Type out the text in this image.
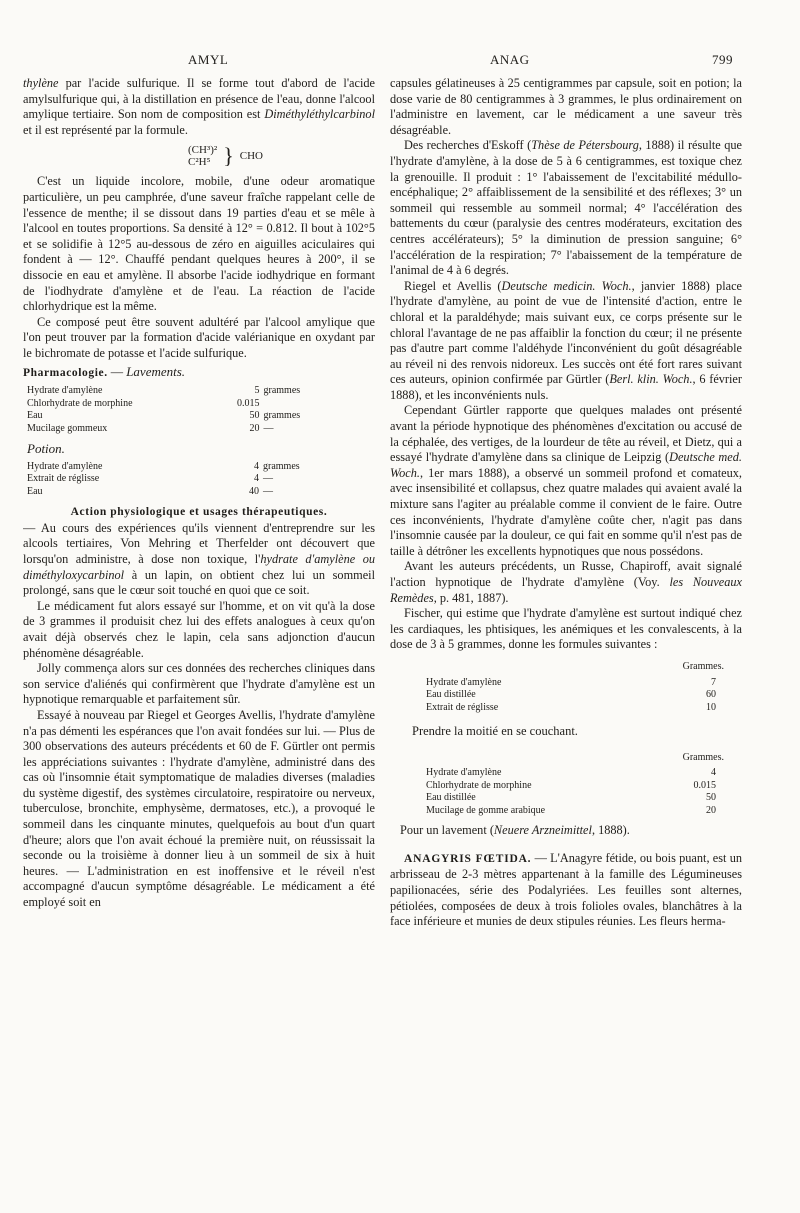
AMYL	ANAG	799

thylène par l'acide sulfurique. Il se forme tout d'abord de l'acide amylsulfurique qui, à la distillation en présence de l'eau, donne l'alcool amylique tertiaire. Son nom de composition est Diméthyléthylcarbinol et il est représenté par la formule.

(CH³)²
C²H⁵ } CHO

C'est un liquide incolore, mobile, d'une odeur aromatique particulière, un peu camphrée, d'une saveur fraîche rappelant celle de l'essence de menthe; il se dissout dans 19 parties d'eau et se mêle à l'alcool en toutes proportions. Sa densité à 12° = 0.812. Il bout à 102°5 et se solidifie à 12°5 au-dessous de zéro en aiguilles aciculaires qui fondent à — 12°. Chauffé pendant quelques heures à 200°, il se dissocie en eau et amylène. Il absorbe l'acide iodhydrique en formant de l'iodhydrate d'amylène et de l'eau. La réaction de l'acide chlorhydrique est la même.

Ce composé peut être souvent adultéré par l'alcool amylique que l'on peut trouver par la formation d'acide valérianique en oxydant par le bichromate de potasse et l'acide sulfurique.

Pharmacologie. — Lavements.

Hydrate d'amylène	5	grammes
Chlorhydrate de morphine	0.015	
Eau	50	grammes
Mucilage gommeux	20	—
Potion.
Hydrate d'amylène	4	grammes
Extrait de réglisse	4	—
Eau	40	—

Action physiologique et usages thérapeutiques.

— Au cours des expériences qu'ils viennent d'entreprendre sur les alcools tertiaires, Von Mehring et Therfelder ont découvert que lorsqu'on administre, à dose non toxique, l'hydrate d'amylène ou diméthyloxycarbinol à un lapin, on obtient chez lui un sommeil prolongé, sans que le cœur soit touché en quoi que ce soit.

Le médicament fut alors essayé sur l'homme, et on vit qu'à la dose de 3 grammes il produisit chez lui des effets analogues à ceux qu'on avait déjà observés chez le lapin, cela sans adjonction d'aucun phénomène désagréable.

Jolly commença alors sur ces données des recherches cliniques dans son service d'aliénés qui confirmèrent que l'hydrate d'amylène est un hypnotique remarquable et parfaitement sûr.

Essayé à nouveau par Riegel et Georges Avellis, l'hydrate d'amylène n'a pas démenti les espérances que l'on avait fondées sur lui. — Plus de 300 observations des auteurs précédents et 60 de F. Gürtler ont permis les appréciations suivantes : l'hydrate d'amylène, administré dans des cas où l'insomnie était symptomatique de maladies diverses (maladies du système digestif, des systèmes circulatoire, respiratoire ou nerveux, tuberculose, bronchite, emphysème, dermatoses, etc.), a provoqué le sommeil dans les cinquante minutes, quelquefois au bout d'un quart d'heure; alors que l'on avait échoué la première nuit, on réussissait la seconde ou la troisième à donner lieu à un sommeil de six à huit heures. — L'administration en est inoffensive et le réveil n'est accompagné d'aucun symptôme désagréable. Le médicament a été employé soit en

capsules gélatineuses à 25 centigrammes par capsule, soit en potion; la dose varie de 80 centigrammes à 3 grammes, le plus ordinairement on l'administre en lavement, car le médicament a une saveur très désagréable.

Des recherches d'Eskoff (Thèse de Pétersbourg, 1888) il résulte que l'hydrate d'amylène, à la dose de 5 à 6 centigrammes, est toxique chez la grenouille. Il produit : 1° l'abaissement de l'excitabilité médullo-encéphalique; 2° affaiblissement de la sensibilité et des réflexes; 3° un sommeil qui ressemble au sommeil normal; 4° l'accélération des battements du cœur (paralysie des centres modérateurs, excitation des centres accélérateurs); 5° la diminution de pression sanguine; 6° l'accélération de la respiration; 7° l'abaissement de la température de l'animal de 4 à 6 degrés.

Riegel et Avellis (Deutsche medicin. Woch., janvier 1888) place l'hydrate d'amylène, au point de vue de l'intensité d'action, entre le chloral et la paraldéhyde; mais suivant eux, ce corps présente sur le chloral l'avantage de ne pas affaiblir la fonction du cœur; il ne présente pas d'autre part comme l'aldéhyde l'inconvénient du goût désagréable au réveil ni des renvois nidoreux. Les succès ont été fort rares suivant ces auteurs, opinion confirmée par Gürtler (Berl. klin. Woch., 6 février 1888), et les inconvénients nuls.

Cependant Gürtler rapporte que quelques malades ont présenté avant la période hypnotique des phénomènes d'excitation ou accusé de la céphalée, des vertiges, de la lourdeur de tête au réveil, et Dietz, qui a essayé l'hydrate d'amylène dans sa clinique de Leipzig (Deutsche med. Woch., 1er mars 1888), a observé un sommeil profond et comateux, avec insensibilité et collapsus, chez quatre malades qui avaient avalé la mixture sans l'agiter au préalable comme il convient de le faire. Outre ces inconvénients, l'hydrate d'amylène coûte cher, n'agit pas dans l'insomnie causée par la douleur, ce qui fait en somme qu'il n'est pas de taille à détrôner les excellents hypnotiques que nous possédons.

Avant les auteurs précédents, un Russe, Chapiroff, avait signalé l'action hypnotique de l'hydrate d'amylène (Voy. les Nouveaux Remèdes, p. 481, 1887).

Fischer, qui estime que l'hydrate d'amylène est surtout indiqué chez les cardiaques, les phtisiques, les anémiques et les convalescents, à la dose de 3 à 5 grammes, donne les formules suivantes :

Grammes.
Hydrate d'amylène	7
Eau distillée	60
Extrait de réglisse	10
Prendre la moitié en se couchant.
Grammes.
Hydrate d'amylène	4
Chlorhydrate de morphine	0.015
Eau distillée	50
Mucilage de gomme arabique	20

Pour un lavement (Neuere Arzneimittel, 1888).

ANAGYRIS FŒTIDA. — L'Anagyre fétide, ou bois puant, est un arbrisseau de 2-3 mètres appartenant à la famille des Légumineuses papilionacées, série des Podalyriées. Les feuilles sont alternes, pétiolées, composées de deux à trois folioles ovales, blanchâtres à la face inférieure et munies de deux stipules réunies. Les fleurs herma-
